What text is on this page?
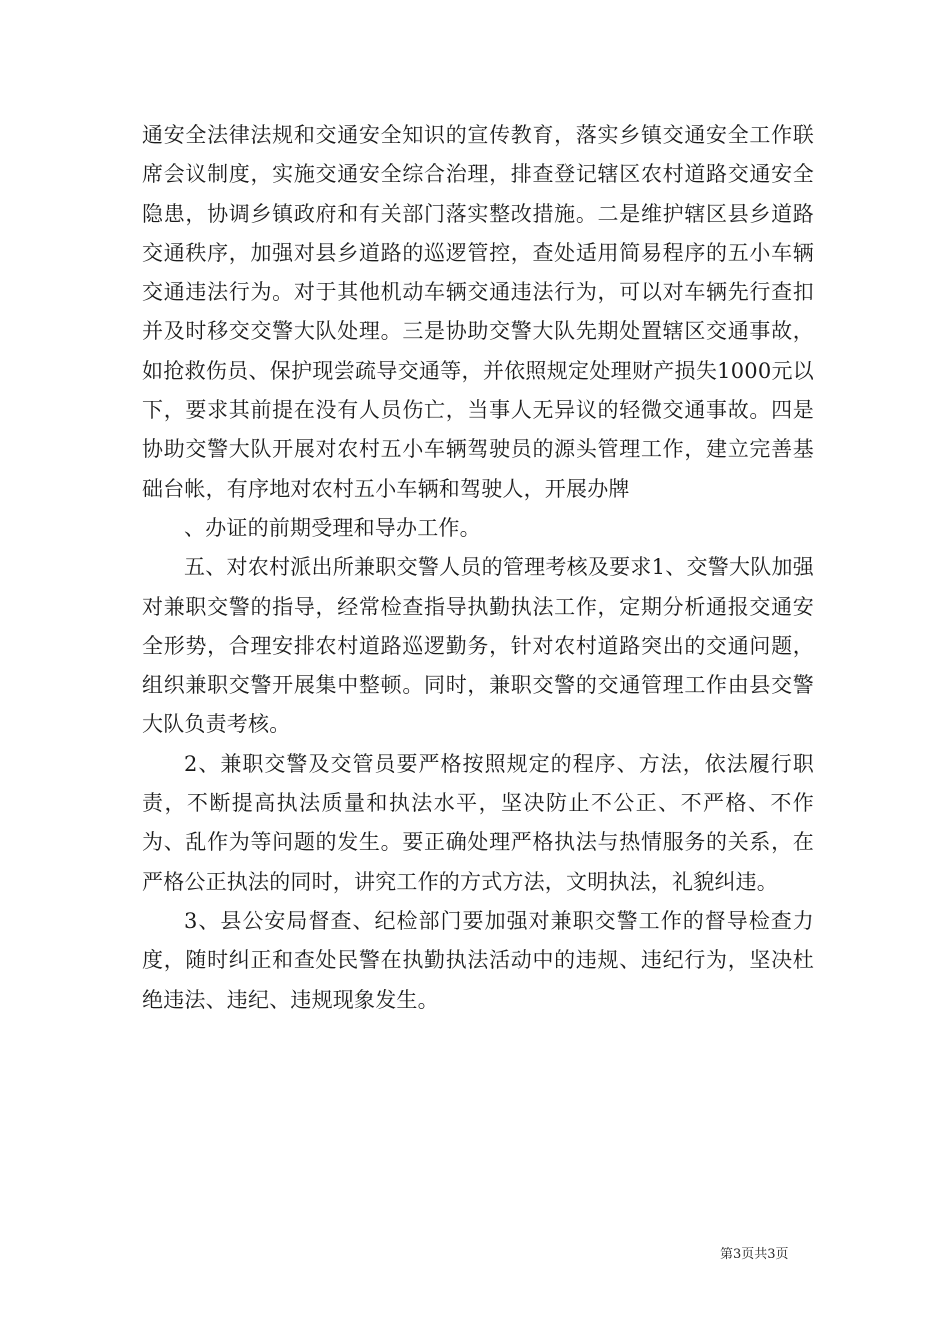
通安全法律法规和交通安全知识的宣传教育，落实乡镇交通安全工作联席会议制度，实施交通安全综合治理，排查登记辖区农村道路交通安全隐患，协调乡镇政府和有关部门落实整改措施。二是维护辖区县乡道路交通秩序，加强对县乡道路的巡逻管控，查处适用简易程序的五小车辆交通违法行为。对于其他机动车辆交通违法行为，可以对车辆先行查扣并及时移交交警大队处理。三是协助交警大队先期处置辖区交通事故，如抢救伤员、保护现尝疏导交通等，并依照规定处理财产损失1000元以下，要求其前提在没有人员伤亡，当事人无异议的轻微交通事故。四是协助交警大队开展对农村五小车辆驾驶员的源头管理工作，建立完善基础台帐，有序地对农村五小车辆和驾驶人，开展办牌

、办证的前期受理和导办工作。

五、对农村派出所兼职交警人员的管理考核及要求1、交警大队加强对兼职交警的指导，经常检查指导执勤执法工作，定期分析通报交通安全形势，合理安排农村道路巡逻勤务，针对农村道路突出的交通问题，组织兼职交警开展集中整顿。同时，兼职交警的交通管理工作由县交警大队负责考核。

2、兼职交警及交管员要严格按照规定的程序、方法，依法履行职责，不断提高执法质量和执法水平，坚决防止不公正、不严格、不作为、乱作为等问题的发生。要正确处理严格执法与热情服务的关系，在严格公正执法的同时，讲究工作的方式方法，文明执法，礼貌纠违。

3、县公安局督查、纪检部门要加强对兼职交警工作的督导检查力度，随时纠正和查处民警在执勤执法活动中的违规、违纪行为，坚决杜绝违法、违纪、违规现象发生。

第3页共3页
